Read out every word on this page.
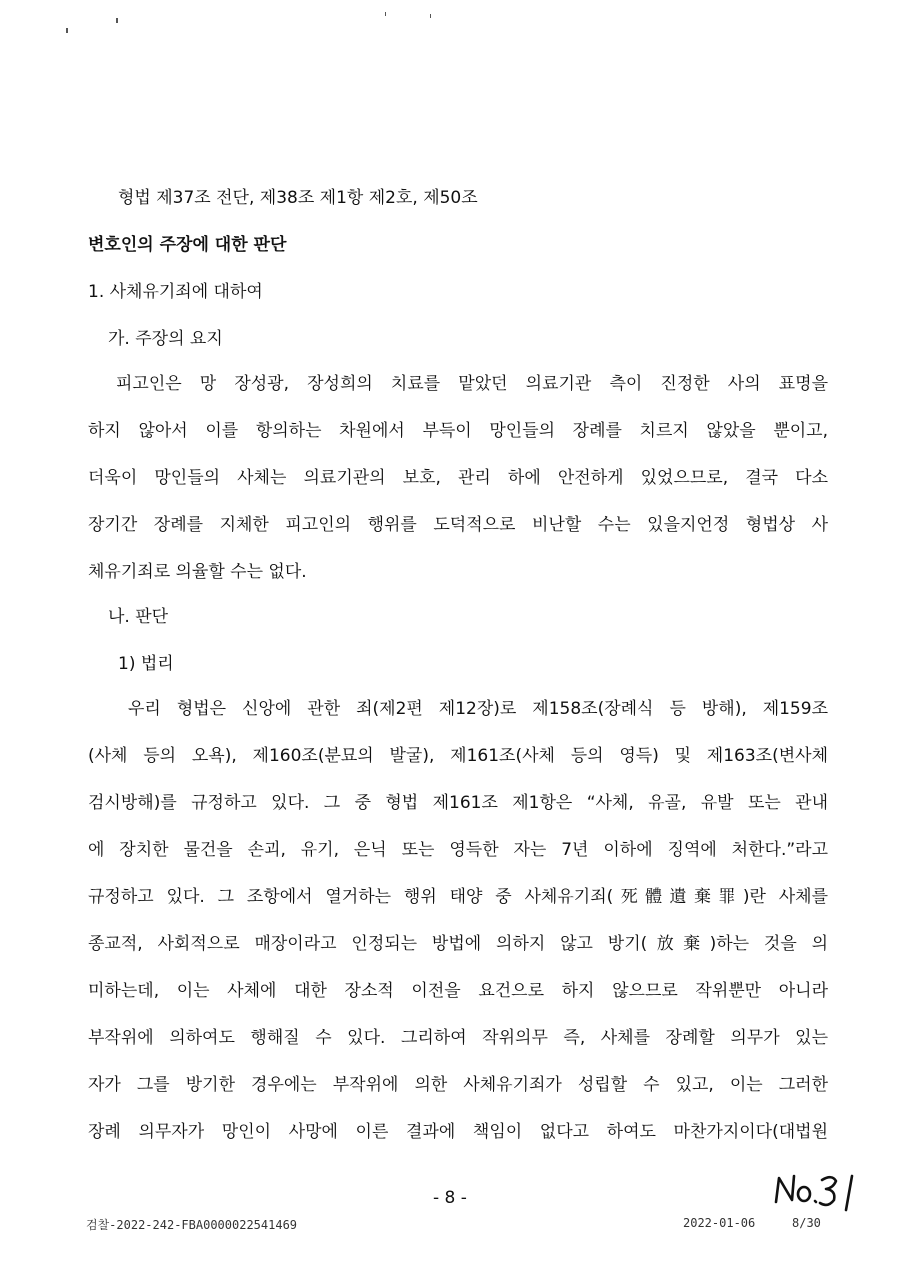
형법 제37조 전단, 제38조 제1항 제2호, 제50조
변호인의 주장에 대한 판단
1. 사체유기죄에 대하여
가. 주장의 요지
피고인은 망 장성광, 장성희의 치료를 맡았던 의료기관 측이 진정한 사의 표명을
하지 않아서 이를 항의하는 차원에서 부득이 망인들의 장례를 치르지 않았을 뿐이고,
더욱이 망인들의 사체는 의료기관의 보호, 관리 하에 안전하게 있었으므로, 결국 다소
장기간 장례를 지체한 피고인의 행위를 도덕적으로 비난할 수는 있을지언정 형법상 사
체유기죄로 의율할 수는 없다.
나. 판단
1) 법리
우리 형법은 신앙에 관한 죄(제2편 제12장)로 제158조(장례식 등 방해), 제159조
(사체 등의 오욕), 제160조(분묘의 발굴), 제161조(사체 등의 영득) 및 제163조(변사체
검시방해)를 규정하고 있다. 그 중 형법 제161조 제1항은 “사체, 유골, 유발 또는 관내
에 장치한 물건을 손괴, 유기, 은닉 또는 영득한 자는 7년 이하에 징역에 처한다.”라고
규정하고 있다. 그 조항에서 열거하는 행위 태양 중 사체유기죄(死體遺棄罪)란 사체를
종교적, 사회적으로 매장이라고 인정되는 방법에 의하지 않고 방기(放棄)하는 것을 의
미하는데, 이는 사체에 대한 장소적 이전을 요건으로 하지 않으므로 작위뿐만 아니라
부작위에 의하여도 행해질 수 있다. 그리하여 작위의무 즉, 사체를 장례할 의무가 있는
자가 그를 방기한 경우에는 부작위에 의한 사체유기죄가 성립할 수 있고, 이는 그러한
장례 의무자가 망인이 사망에 이른 결과에 책임이 없다고 하여도 마찬가지이다(대법원
- 8 -
검찰-2022-242-FBA0000022541469	2022-01-06	8/30
